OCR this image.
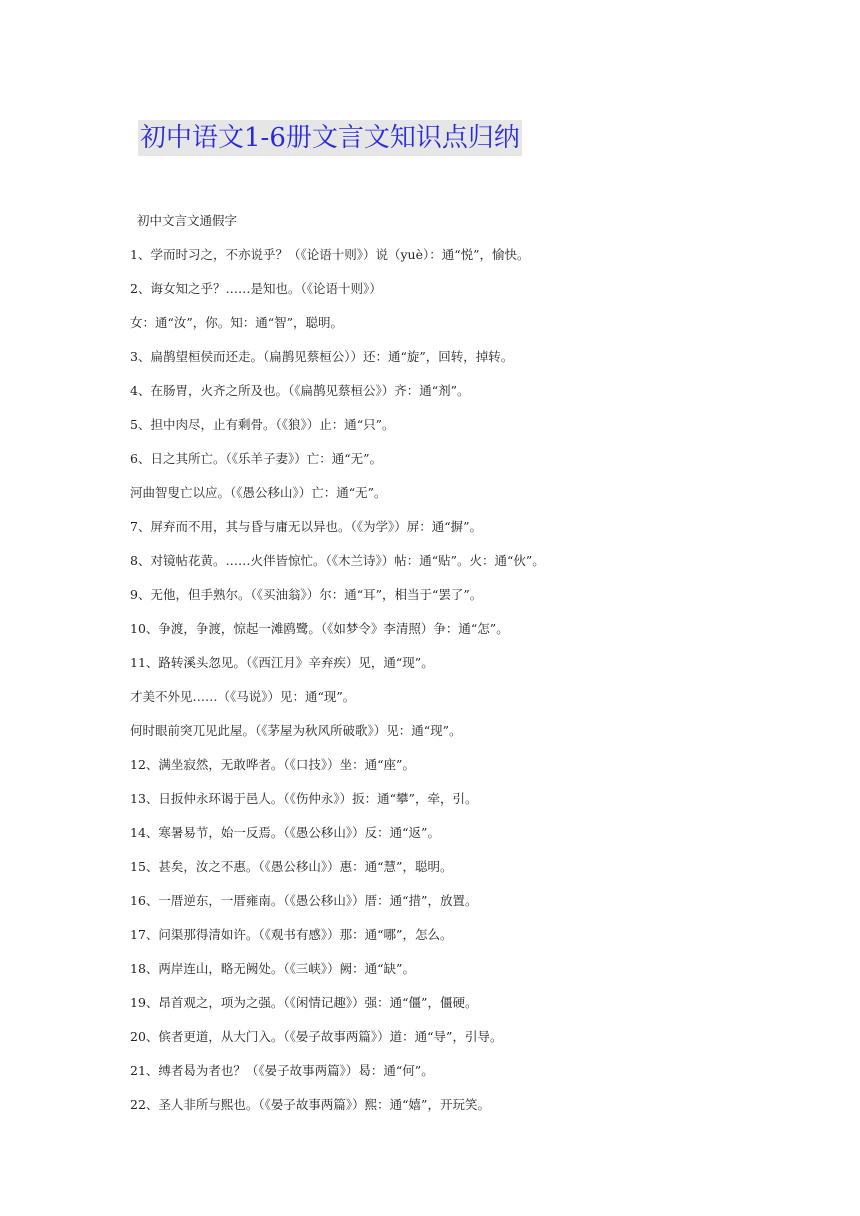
初中语文1-6册文言文知识点归纳
初中文言文通假字
1、学而时习之，不亦说乎？（《论语十则》）说（yuè）：通“悦”，愉快。
2、诲女知之乎？……是知也。（《论语十则》）
女：通“汝”，你。知：通“智”，聪明。
3、扁鹊望桓侯而还走。（扁鹊见蔡桓公））还：通“旋”，回转，掉转。
4、在肠胃，火齐之所及也。（《扁鹊见蔡桓公》）齐：通“剂”。
5、担中肉尽，止有剩骨。（《狼》）止：通“只”。
6、日之其所亡。（《乐羊子妻》）亡：通“无”。
河曲智叟亡以应。（《愚公移山》）亡：通“无”。
7、屏弃而不用，其与昏与庸无以异也。（《为学》）屏：通“摒”。
8、对镜帖花黄。……火伴皆惊忙。（《木兰诗》）帖：通“贴”。火：通“伙”。
9、无他，但手熟尔。（《买油翁》）尔：通“耳”，相当于“罢了”。
10、争渡，争渡，惊起一滩鸥鹭。（《如梦令》李清照）争：通“怎”。
11、路转溪头忽见。（《西江月》辛弃疾）见，通“现”。
才美不外见……（《马说》）见：通“现”。
何时眼前突兀见此屋。（《茅屋为秋风所破歌》）见：通“现”。
12、满坐寂然，无敢哗者。（《口技》）坐：通“座”。
13、日扳仲永环谒于邑人。（《伤仲永》）扳：通“攀”，牵，引。
14、寒暑易节，始一反焉。（《愚公移山》）反：通“返”。
15、甚矣，汝之不惠。（《愚公移山》）惠：通“慧”，聪明。
16、一厝逆东，一厝雍南。（《愚公移山》）厝：通“措”，放置。
17、问渠那得清如许。（《观书有感》）那：通“哪”，怎么。
18、两岸连山，略无阙处。（《三峡》）阙：通“缺”。
19、昂首观之，项为之强。（《闲情记趣》）强：通“僵”，僵硬。
20、傧者更道，从大门入。（《晏子故事两篇》）道：通“导”，引导。
21、缚者曷为者也？（《晏子故事两篇》）曷：通“何”。
22、圣人非所与熙也。（《晏子故事两篇》）熙：通“嬉”，开玩笑。
